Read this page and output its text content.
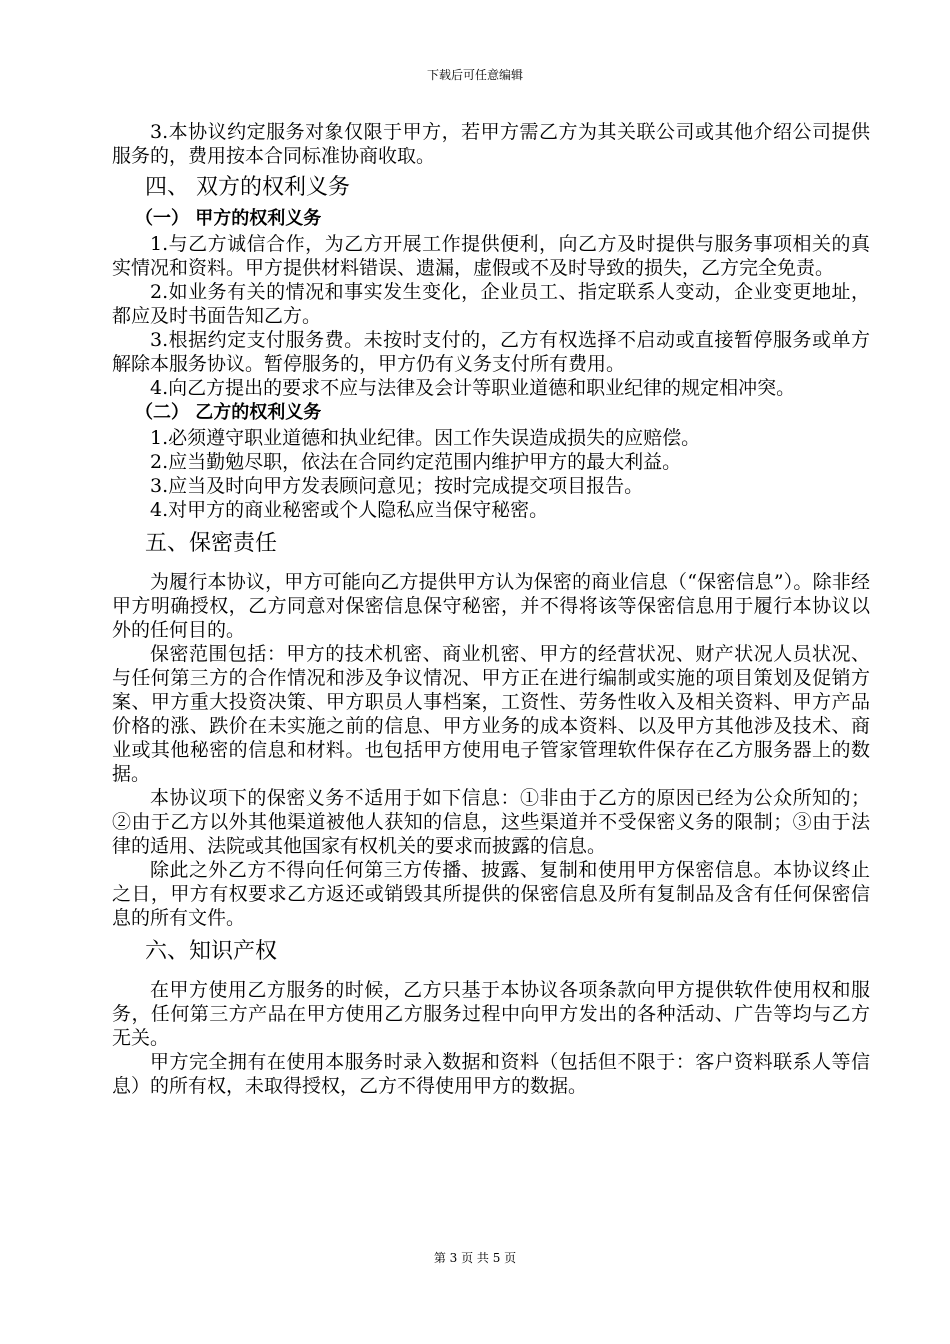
下载后可任意编辑

3.本协议约定服务对象仅限于甲方，若甲方需乙方为其关联公司或其他介绍公司提供服务的，费用按本合同标准协商收取。

四、 双方的权利义务
（一） 甲方的权利义务

1.与乙方诚信合作，为乙方开展工作提供便利，向乙方及时提供与服务事项相关的真实情况和资料。甲方提供材料错误、遗漏，虚假或不及时导致的损失，乙方完全免责。

2.如业务有关的情况和事实发生变化，企业员工、指定联系人变动，企业变更地址，都应及时书面告知乙方。

3.根据约定支付服务费。未按时支付的，乙方有权选择不启动或直接暂停服务或单方解除本服务协议。暂停服务的，甲方仍有义务支付所有费用。

4.向乙方提出的要求不应与法律及会计等职业道德和职业纪律的规定相冲突。

（二） 乙方的权利义务

1.必须遵守职业道德和执业纪律。因工作失误造成损失的应赔偿。

2.应当勤勉尽职，依法在合同约定范围内维护甲方的最大利益。

3.应当及时向甲方发表顾问意见；按时完成提交项目报告。

4.对甲方的商业秘密或个人隐私应当保守秘密。

五、保密责任

为履行本协议，甲方可能向乙方提供甲方认为保密的商业信息（“保密信息”）。除非经甲方明确授权，乙方同意对保密信息保守秘密，并不得将该等保密信息用于履行本协议以外的任何目的。

保密范围包括：甲方的技术机密、商业机密、甲方的经营状况、财产状况人员状况、与任何第三方的合作情况和涉及争议情况、甲方正在进行编制或实施的项目策划及促销方案、甲方重大投资决策、甲方职员人事档案，工资性、劳务性收入及相关资料、甲方产品价格的涨、跌价在未实施之前的信息、甲方业务的成本资料、以及甲方其他涉及技术、商业或其他秘密的信息和材料。也包括甲方使用电子管家管理软件保存在乙方服务器上的数据。

本协议项下的保密义务不适用于如下信息：①非由于乙方的原因已经为公众所知的；②由于乙方以外其他渠道被他人获知的信息，这些渠道并不受保密义务的限制；③由于法律的适用、法院或其他国家有权机关的要求而披露的信息。

除此之外乙方不得向任何第三方传播、披露、复制和使用甲方保密信息。本协议终止之日，甲方有权要求乙方返还或销毁其所提供的保密信息及所有复制品及含有任何保密信息的所有文件。

六、知识产权

在甲方使用乙方服务的时候，乙方只基于本协议各项条款向甲方提供软件使用权和服务，任何第三方产品在甲方使用乙方服务过程中向甲方发出的各种活动、广告等均与乙方无关。

甲方完全拥有在使用本服务时录入数据和资料（包括但不限于：客户资料联系人等信息）的所有权，未取得授权，乙方不得使用甲方的数据。

第 3 页 共 5 页
